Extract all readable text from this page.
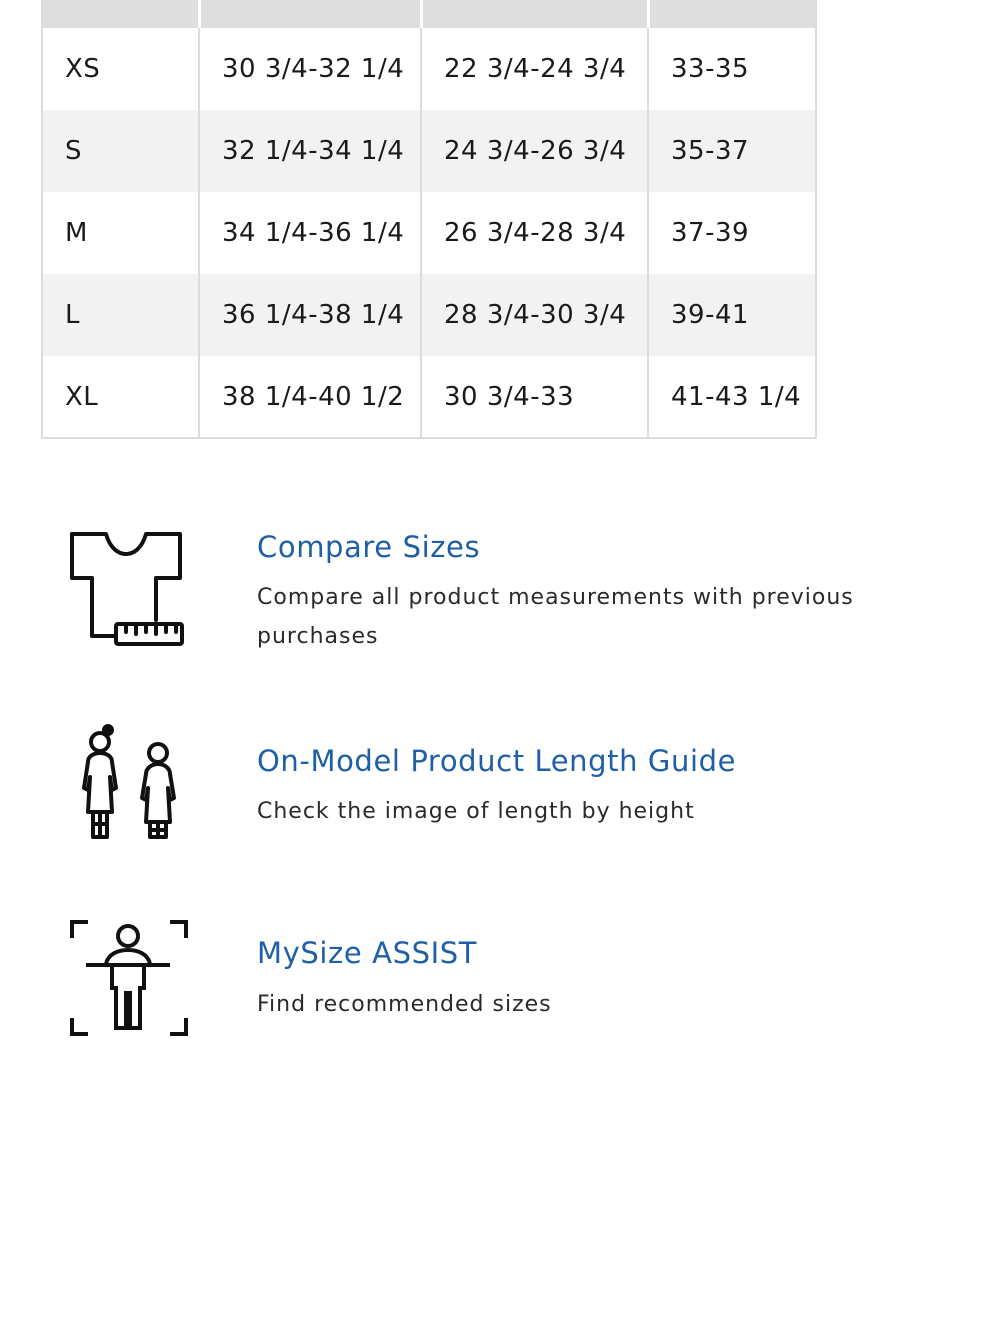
XS	30 3/4-32 1/4	22 3/4-24 3/4	33-35
S	32 1/4-34 1/4	24 3/4-26 3/4	35-37
M	34 1/4-36 1/4	26 3/4-28 3/4	37-39
L	36 1/4-38 1/4	28 3/4-30 3/4	39-41
XL	38 1/4-40 1/2	30 3/4-33	41-43 1/4
Compare Sizes
Compare all product measurements with previous purchases
On-Model Product Length Guide
Check the image of length by height
MySize ASSIST
Find recommended sizes
